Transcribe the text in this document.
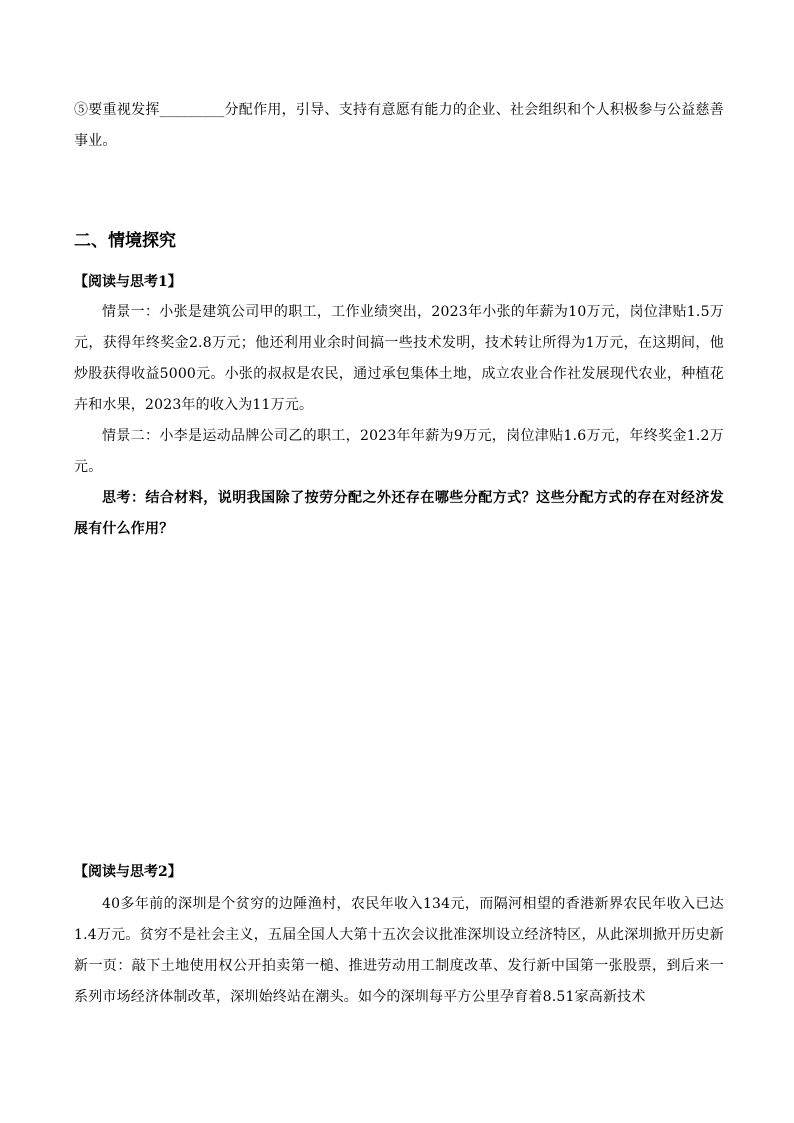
⑤要重视发挥_________分配作用，引导、支持有意愿有能力的企业、社会组织和个人积极参与公益慈善事业。

二、情境探究

【阅读与思考1】

情景一：小张是建筑公司甲的职工，工作业绩突出，2023年小张的年薪为10万元，岗位津贴1.5万元，获得年终奖金2.8万元；他还利用业余时间搞一些技术发明，技术转让所得为1万元，在这期间，他炒股获得收益5000元。小张的叔叔是农民，通过承包集体土地，成立农业合作社发展现代农业，种植花卉和水果，2023年的收入为11万元。

情景二：小李是运动品牌公司乙的职工，2023年年薪为9万元，岗位津贴1.6万元，年终奖金1.2万元。

思考：结合材料，说明我国除了按劳分配之外还存在哪些分配方式？这些分配方式的存在对经济发展有什么作用？

【阅读与思考2】

40多年前的深圳是个贫穷的边陲渔村，农民年收入134元，而隔河相望的香港新界农民年收入已达1.4万元。贫穷不是社会主义，五届全国人大第十五次会议批准深圳设立经济特区，从此深圳掀开历史新新一页：敲下土地使用权公开拍卖第一槌、推进劳动用工制度改革、发行新中国第一张股票，到后来一系列市场经济体制改革，深圳始终站在潮头。如今的深圳每平方公里孕育着8.51家高新技术
